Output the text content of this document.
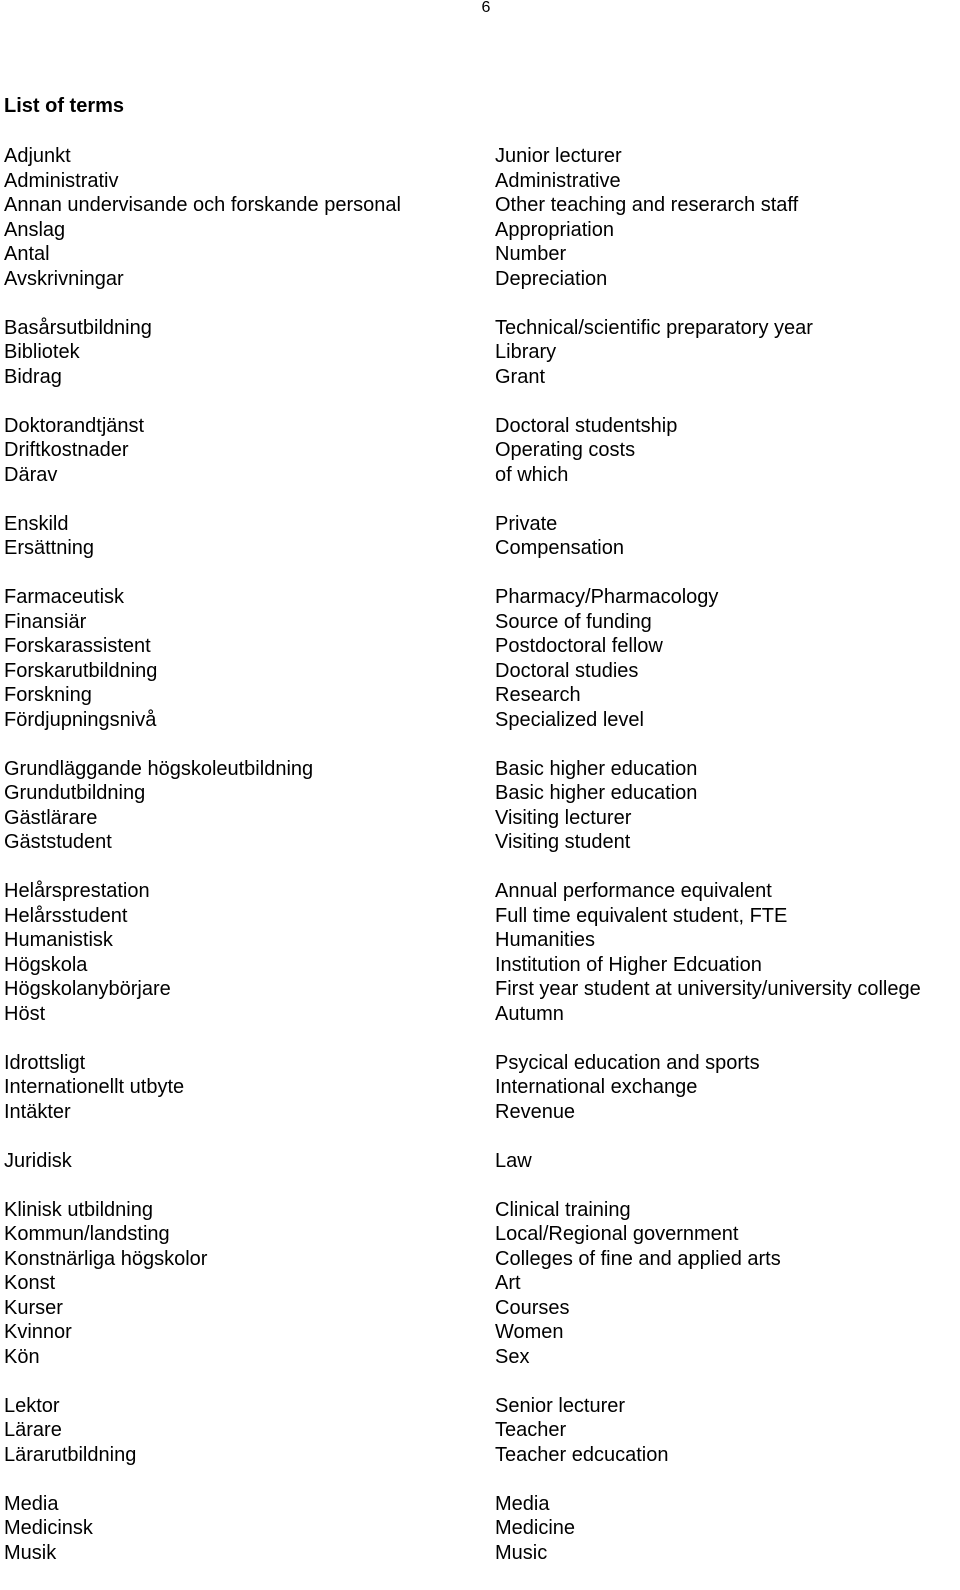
6
List of terms
Adjunkt	Junior lecturer
Administrativ	Administrative
Annan undervisande och forskande personal	Other teaching and reserarch staff
Anslag	Appropriation
Antal	Number
Avskrivningar	Depreciation
Basårsutbildning	Technical/scientific preparatory year
Bibliotek	Library
Bidrag	Grant
Doktorandtjänst	Doctoral studentship
Driftkostnader	Operating costs
Därav	of which
Enskild	Private
Ersättning	Compensation
Farmaceutisk	Pharmacy/Pharmacology
Finansiär	Source of funding
Forskarassistent	Postdoctoral fellow
Forskarutbildning	Doctoral studies
Forskning	Research
Fördjupningsnivå	Specialized level
Grundläggande högskoleutbildning	Basic higher education
Grundutbildning	Basic higher education
Gästlärare	Visiting lecturer
Gäststudent	Visiting student
Helårsprestation	Annual performance equivalent
Helårsstudent	Full time equivalent student, FTE
Humanistisk	Humanities
Högskola	Institution of Higher Edcuation
Högskolanybörjare	First year student at university/university college
Höst	Autumn
Idrottsligt	Psycical education and sports
Internationellt utbyte	International exchange
Intäkter	Revenue
Juridisk	Law
Klinisk utbildning	Clinical training
Kommun/landsting	Local/Regional government
Konstnärliga högskolor	Colleges of fine and applied arts
Konst	Art
Kurser	Courses
Kvinnor	Women
Kön	Sex
Lektor	Senior lecturer
Lärare	Teacher
Lärarutbildning	Teacher edcucation
Media	Media
Medicinsk	Medicine
Musik	Music
